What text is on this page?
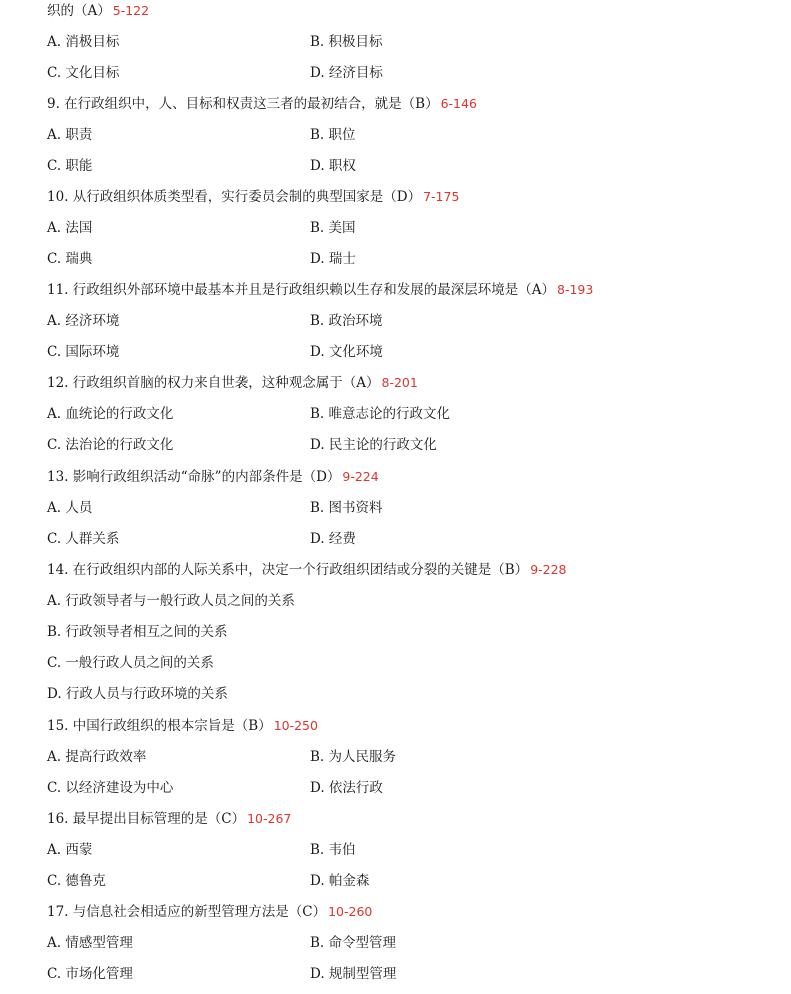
织的（A） 5-122
A. 消极目标	B. 积极目标
C. 文化目标	D. 经济目标
9. 在行政组织中，人、目标和权责这三者的最初结合，就是（B） 6-146
A. 职责	B. 职位
C. 职能	D. 职权
10. 从行政组织体质类型看，实行委员会制的典型国家是（D） 7-175
A. 法国	B. 美国
C. 瑞典	D. 瑞士
11. 行政组织外部环境中最基本并且是行政组织赖以生存和发展的最深层环境是（A） 8-193
A. 经济环境	B. 政治环境
C. 国际环境	D. 文化环境
12. 行政组织首脑的权力来自世袭，这种观念属于（A） 8-201
A. 血统论的行政文化	B. 唯意志论的行政文化
C. 法治论的行政文化	D. 民主论的行政文化
13. 影响行政组织活动“命脉”的内部条件是（D） 9-224
A. 人员	B. 图书资料
C. 人群关系	D. 经费
14. 在行政组织内部的人际关系中，决定一个行政组织团结或分裂的关键是（B） 9-228
A. 行政领导者与一般行政人员之间的关系
B. 行政领导者相互之间的关系
C. 一般行政人员之间的关系
D. 行政人员与行政环境的关系
15. 中国行政组织的根本宗旨是（B） 10-250
A. 提高行政效率	B. 为人民服务
C. 以经济建设为中心	D. 依法行政
16. 最早提出目标管理的是（C） 10-267
A. 西蒙	B. 韦伯
C. 德鲁克	D. 帕金森
17. 与信息社会相适应的新型管理方法是（C） 10-260
A. 情感型管理	B. 命令型管理
C. 市场化管理	D. 规制型管理
